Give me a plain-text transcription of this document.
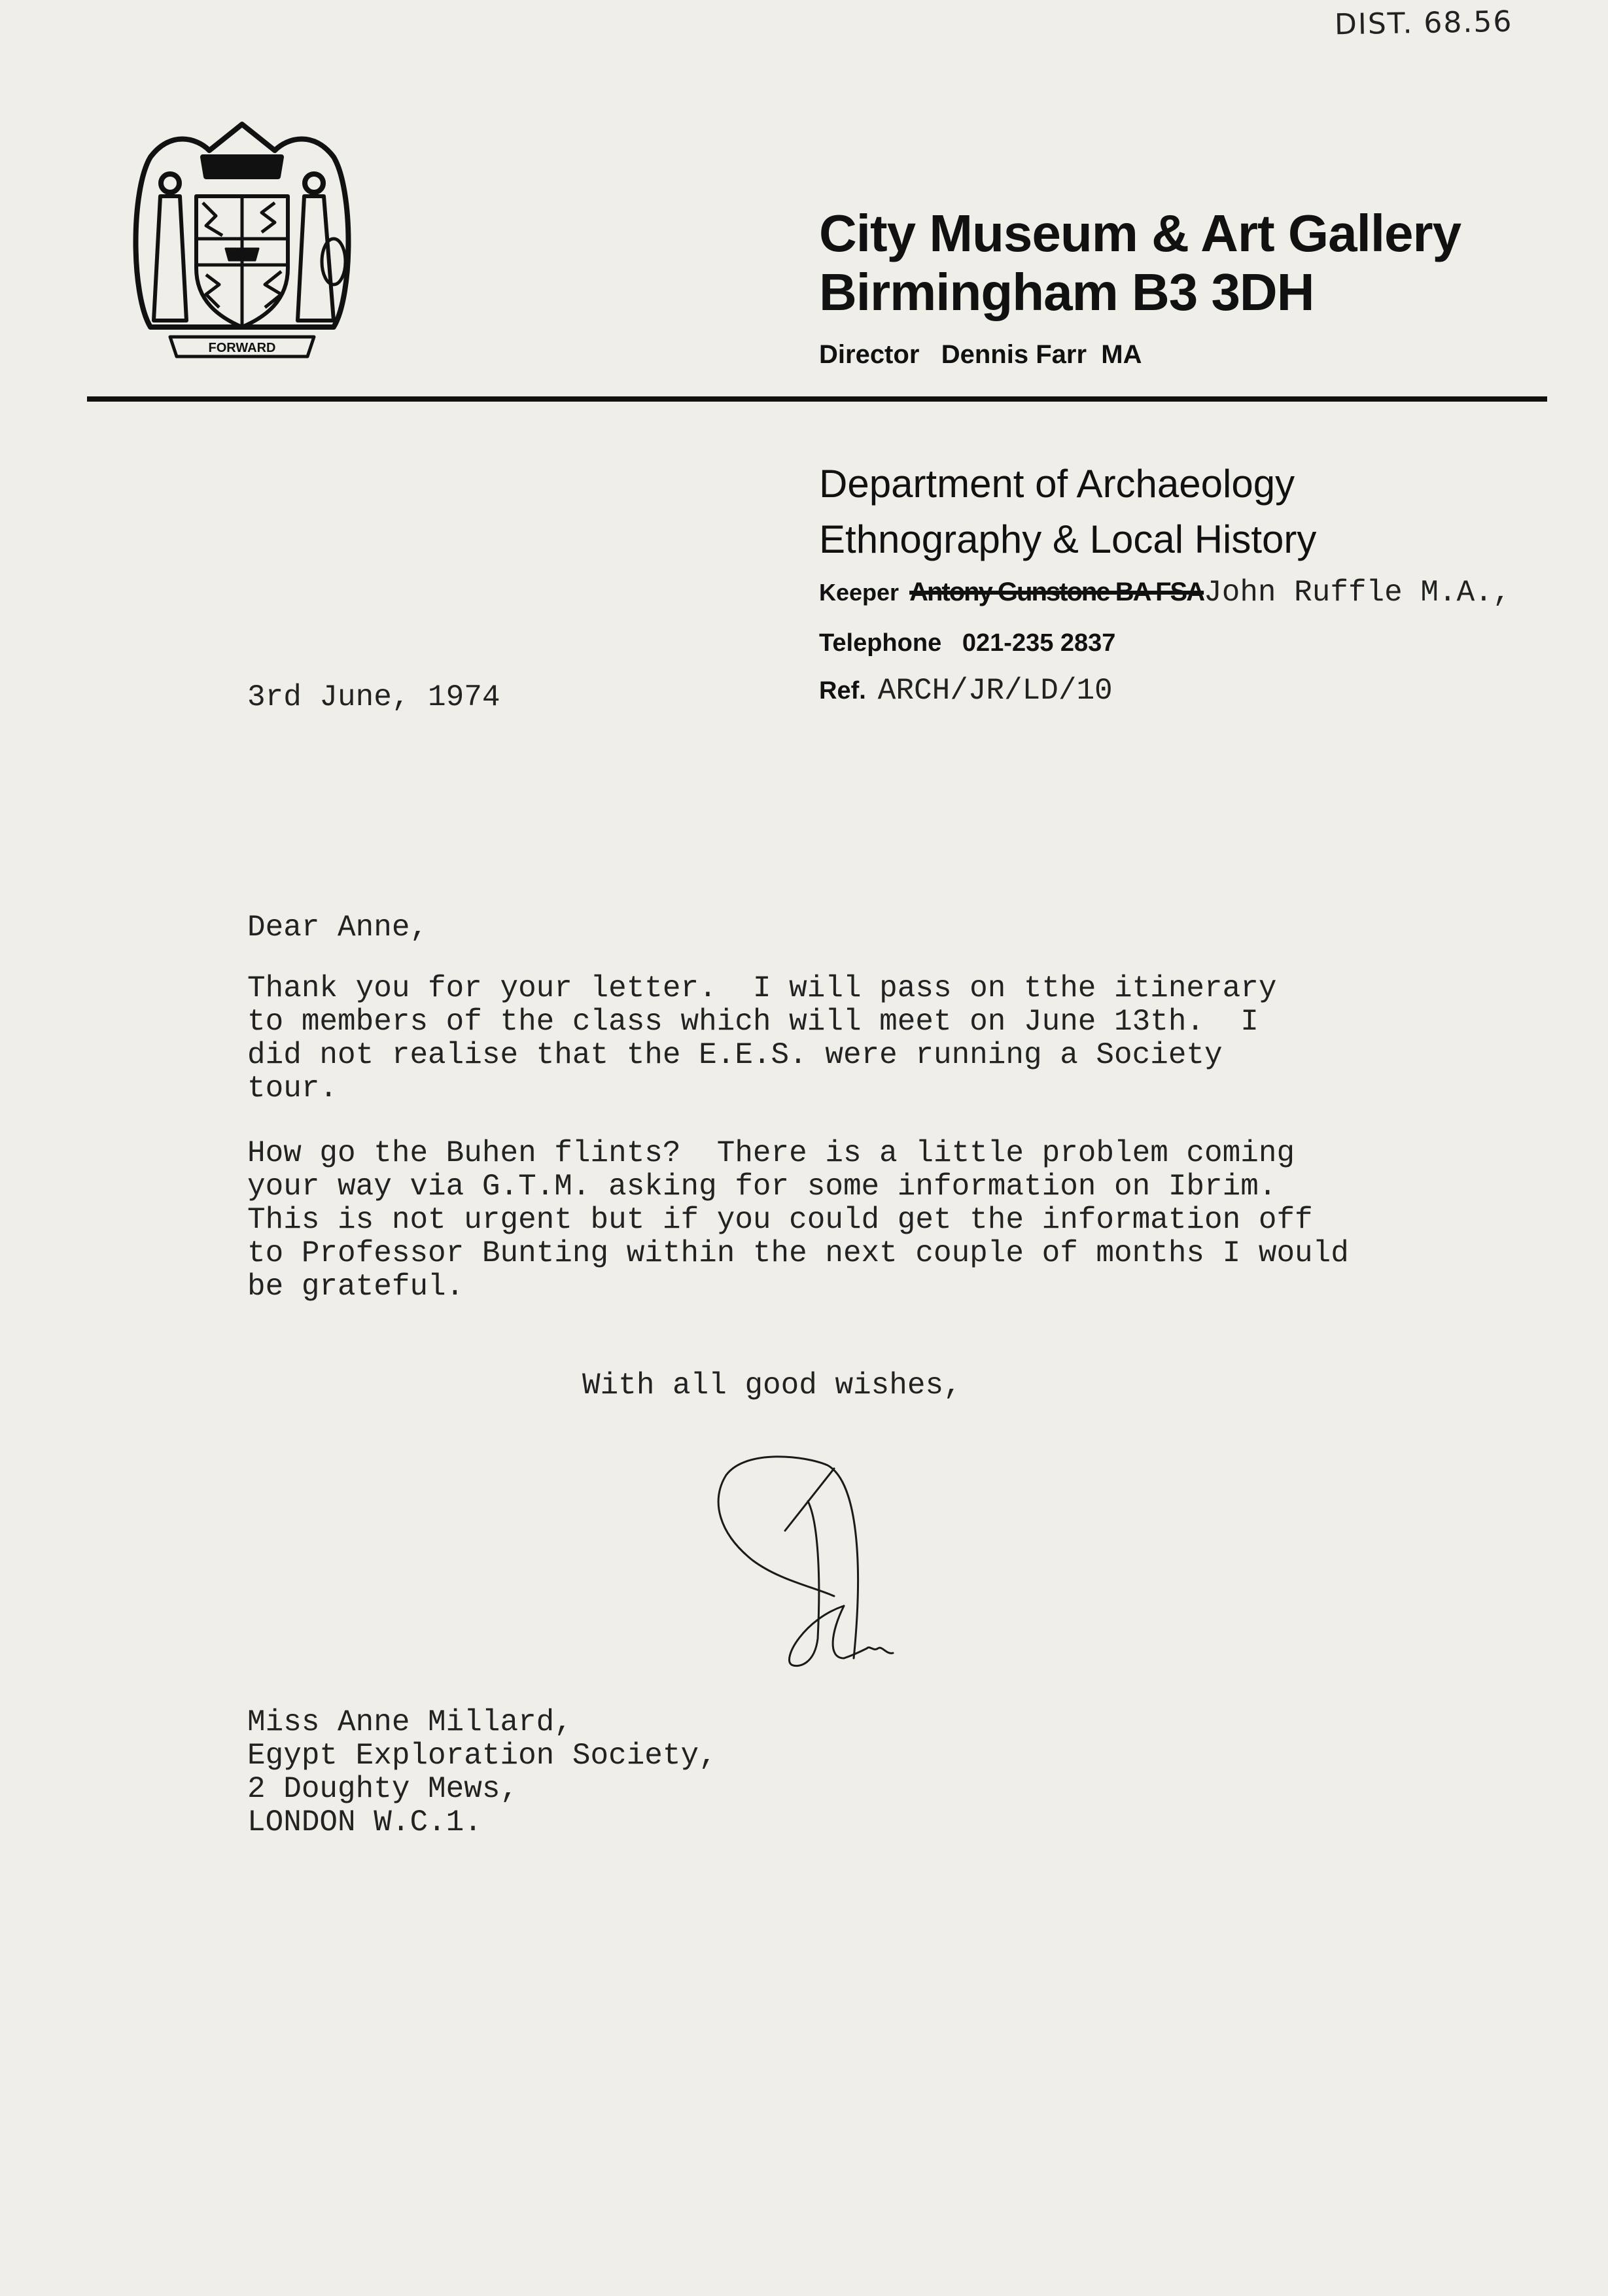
DIST. 68.56
FORWARD
City Museum & Art Gallery
Birmingham B3 3DH
Director Dennis Farr  MA
Department of Archaeology
Ethnography & Local History
Keeper Antony Gunstone BA FSAJohn Ruffle M.A.,
Telephone 021-235 2837
Ref. ARCH/JR/LD/10
3rd June, 1974
Dear Anne,
Thank you for your letter.  I will pass on tthe itinerary
to members of the class which will meet on June 13th.  I
did not realise that the E.E.S. were running a Society
tour.
How go the Buhen flints?  There is a little problem coming
your way via G.T.M. asking for some information on Ibrim.
This is not urgent but if you could get the information off
to Professor Bunting within the next couple of months I would
be grateful.
With all good wishes,
Miss Anne Millard,
Egypt Exploration Society,
2 Doughty Mews,
LONDON W.C.1.
